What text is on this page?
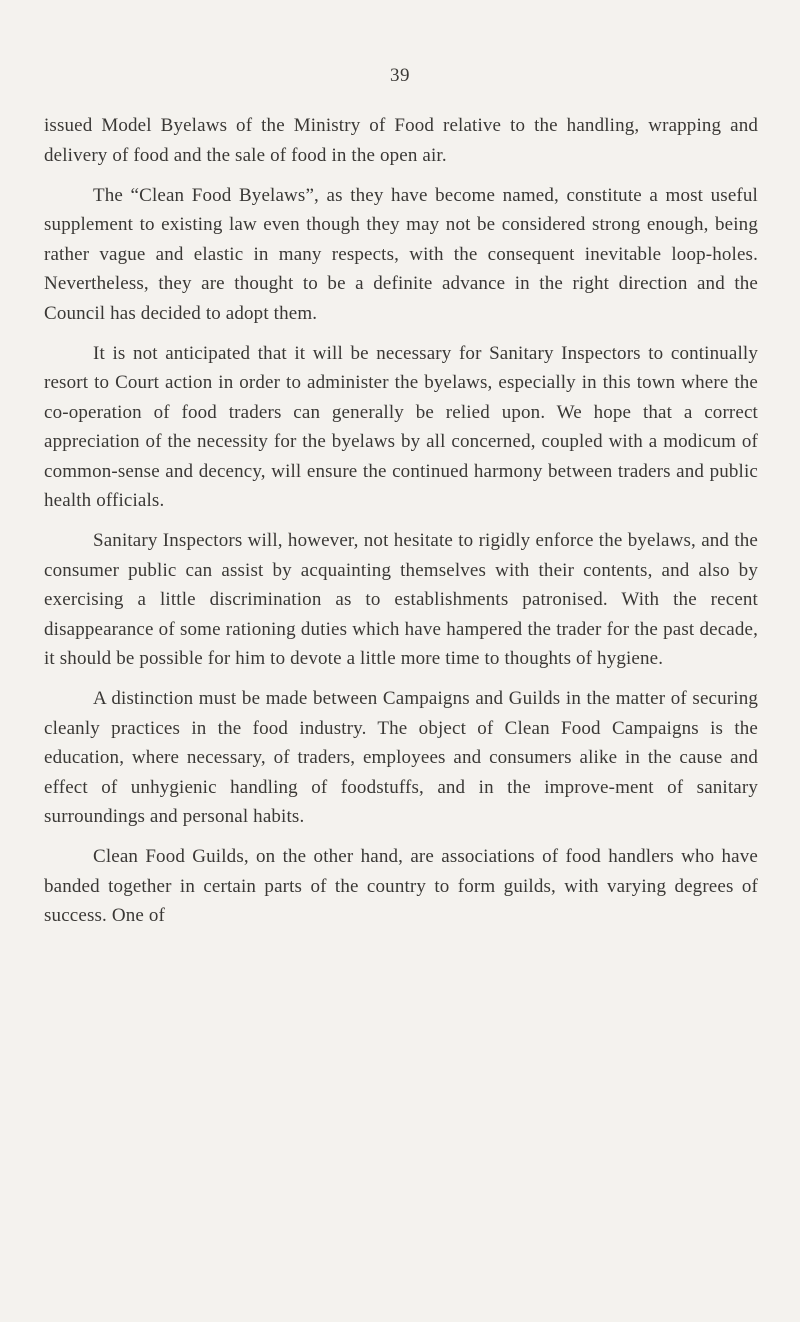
39

issued Model Byelaws of the Ministry of Food relative to the handling, wrapping and delivery of food and the sale of food in the open air.

The “Clean Food Byelaws”, as they have become named, constitute a most useful supplement to existing law even though they may not be considered strong enough, being rather vague and elastic in many respects, with the consequent inevitable loop-holes. Nevertheless, they are thought to be a definite advance in the right direction and the Council has decided to adopt them.

It is not anticipated that it will be necessary for Sanitary Inspectors to continually resort to Court action in order to administer the byelaws, especially in this town where the co-operation of food traders can generally be relied upon. We hope that a correct appreciation of the necessity for the byelaws by all concerned, coupled with a modicum of common-sense and decency, will ensure the continued harmony between traders and public health officials.

Sanitary Inspectors will, however, not hesitate to rigidly enforce the byelaws, and the consumer public can assist by acquainting themselves with their contents, and also by exercising a little discrimination as to establishments patronised. With the recent disappearance of some rationing duties which have hampered the trader for the past decade, it should be possible for him to devote a little more time to thoughts of hygiene.

A distinction must be made between Campaigns and Guilds in the matter of securing cleanly practices in the food industry. The object of Clean Food Campaigns is the education, where necessary, of traders, employees and consumers alike in the cause and effect of unhygienic handling of foodstuffs, and in the improve-ment of sanitary surroundings and personal habits.

Clean Food Guilds, on the other hand, are associations of food handlers who have banded together in certain parts of the country to form guilds, with varying degrees of success. One of
